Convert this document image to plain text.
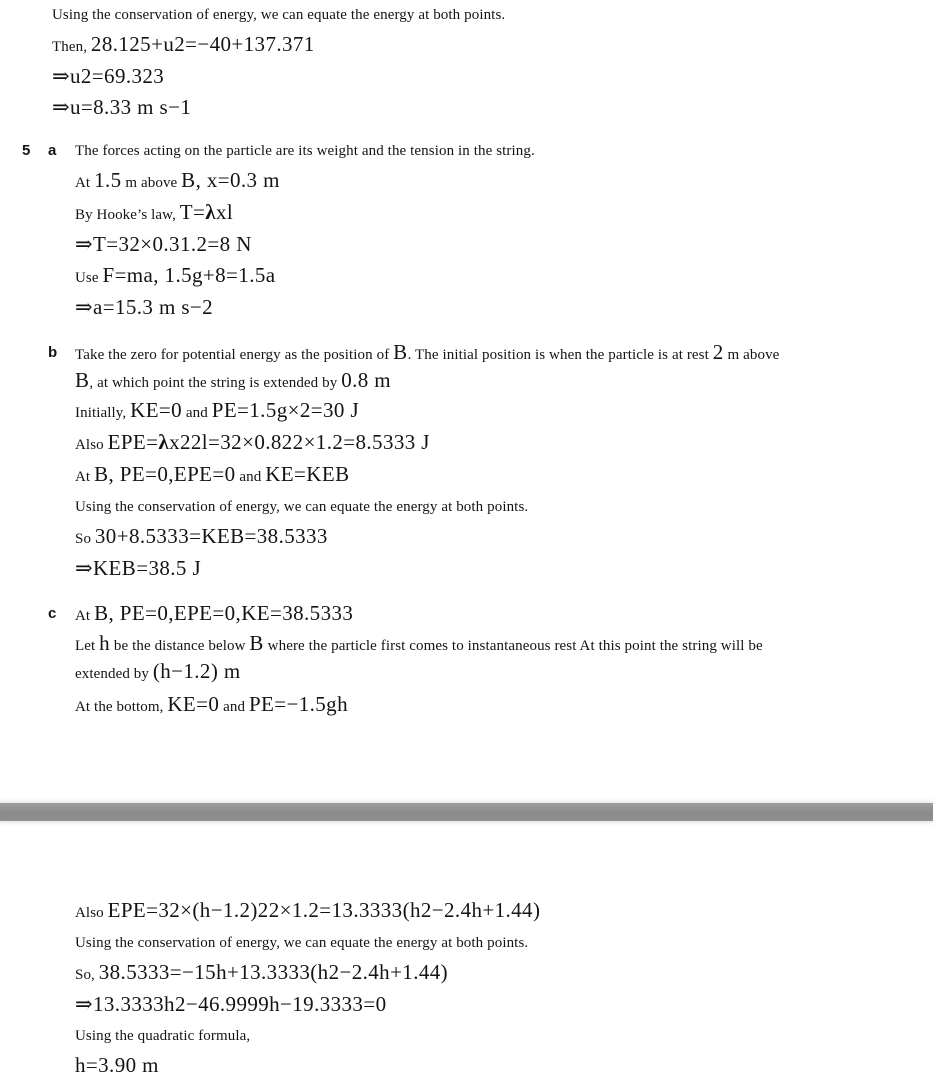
Using the conservation of energy, we can equate the energy at both points.
Then, 28.125+u2=−40+137.371
⇒u2=69.323
⇒u=8.33 m s−1
5 a The forces acting on the particle are its weight and the tension in the string.
At 1.5 m above B, x=0.3 m
By Hooke’s law, T=λxl
⇒T=32×0.31.2=8 N
Use F=ma, 1.5g+8=1.5a
⇒a=15.3 m s−2
b Take the zero for potential energy as the position of B. The initial position is when the particle is at rest 2 m above
B, at which point the string is extended by 0.8 m
Initially, KE=0 and PE=1.5g×2=30 J
Also EPE=λx22l=32×0.822×1.2=8.5333 J
At B, PE=0,EPE=0 and KE=KEB
Using the conservation of energy, we can equate the energy at both points.
So 30+8.5333=KEB=38.5333
⇒KEB=38.5 J
c At B, PE=0,EPE=0,KE=38.5333
Let h be the distance below B where the particle first comes to instantaneous rest At this point the string will be
extended by (h−1.2) m
At the bottom, KE=0 and PE=−1.5gh
Also EPE=32×(h−1.2)22×1.2=13.3333(h2−2.4h+1.44)
Using the conservation of energy, we can equate the energy at both points.
So, 38.5333=−15h+13.3333(h2−2.4h+1.44)
⇒13.3333h2−46.9999h−19.3333=0
Using the quadratic formula,
h=3.90 m
